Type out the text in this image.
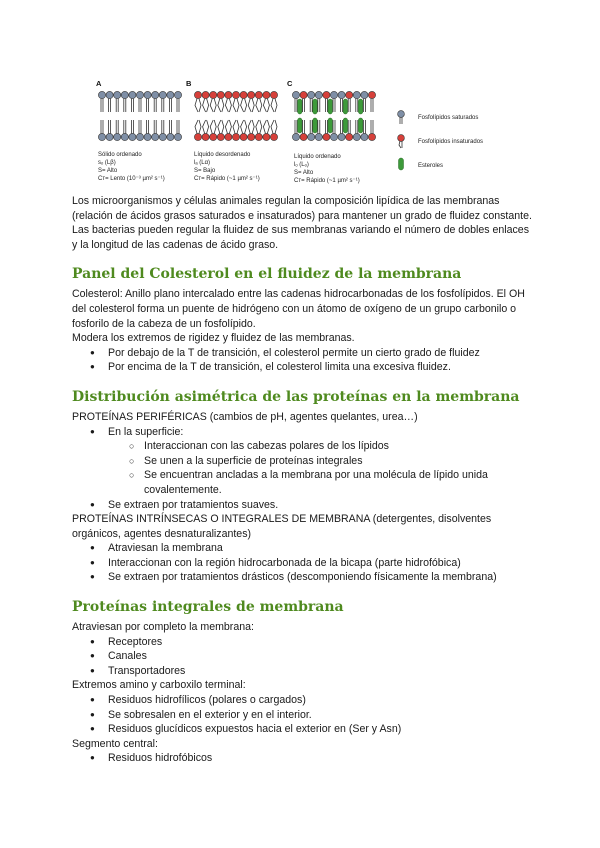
A	B	C
Sólido ordenado
sₒ (Lβ)
S= Alto
Cᴛ= Lento (10⁻³ µm² s⁻¹)
Líquido desordenado
lₐ (Lα)
S= Bajo
Cᴛ= Rápido (~1 µm² s⁻¹)
Líquido ordenado
lₒ (Lₒ)
S= Alto
Cᴛ= Rápido (~1 µm² s⁻¹)
Fosfolípidos saturados
Fosfolípidos insaturados
Esteroles

Los microorganismos y células animales regulan la composición lipídica de las membranas (relación de ácidos grasos saturados e insaturados) para mantener un grado de fluidez constante.

Las bacterias pueden regular la fluidez de sus membranas variando el número de dobles enlaces y la longitud de las cadenas de ácido graso.

Panel del Colesterol en el fluidez de la membrana

Colesterol: Anillo plano intercalado entre las cadenas hidrocarbonadas de los fosfolípidos. El OH del colesterol forma un puente de hidrógeno con un átomo de oxígeno de un grupo carbonilo o fosforilo de la cabeza de un fosfolípido.

Modera los extremos de rigidez y fluidez de las membranas.

● Por debajo de la T de transición, el colesterol permite un cierto grado de fluidez
● Por encima de la T de transición, el colesterol limita una excesiva fluidez.
Distribución asimétrica de las proteínas en la membrana

PROTEÍNAS PERIFÉRICAS (cambios de pH, agentes quelantes, urea…)

● En la superficie:
○ Interaccionan con las cabezas polares de los lípidos
○ Se unen a la superficie de proteínas integrales
○ Se encuentran ancladas a la membrana por una molécula de lípido unida covalentemente.
● Se extraen por tratamientos suaves.

PROTEÍNAS INTRÍNSECAS O INTEGRALES DE MEMBRANA (detergentes, disolventes orgánicos, agentes desnaturalizantes)

● Atraviesan la membrana
● Interaccionan con la región hidrocarbonada de la bicapa (parte hidrofóbica)
● Se extraen por tratamientos drásticos (descomponiendo físicamente la membrana)
Proteínas integrales de membrana

Atraviesan por completo la membrana:

● Receptores
● Canales
● Transportadores

Extremos amino y carboxilo terminal:

● Residuos hidrofílicos (polares o cargados)
● Se sobresalen en el exterior y en el interior.
● Residuos glucídicos expuestos hacia el exterior en (Ser y Asn)

Segmento central:

● Residuos hidrofóbicos
